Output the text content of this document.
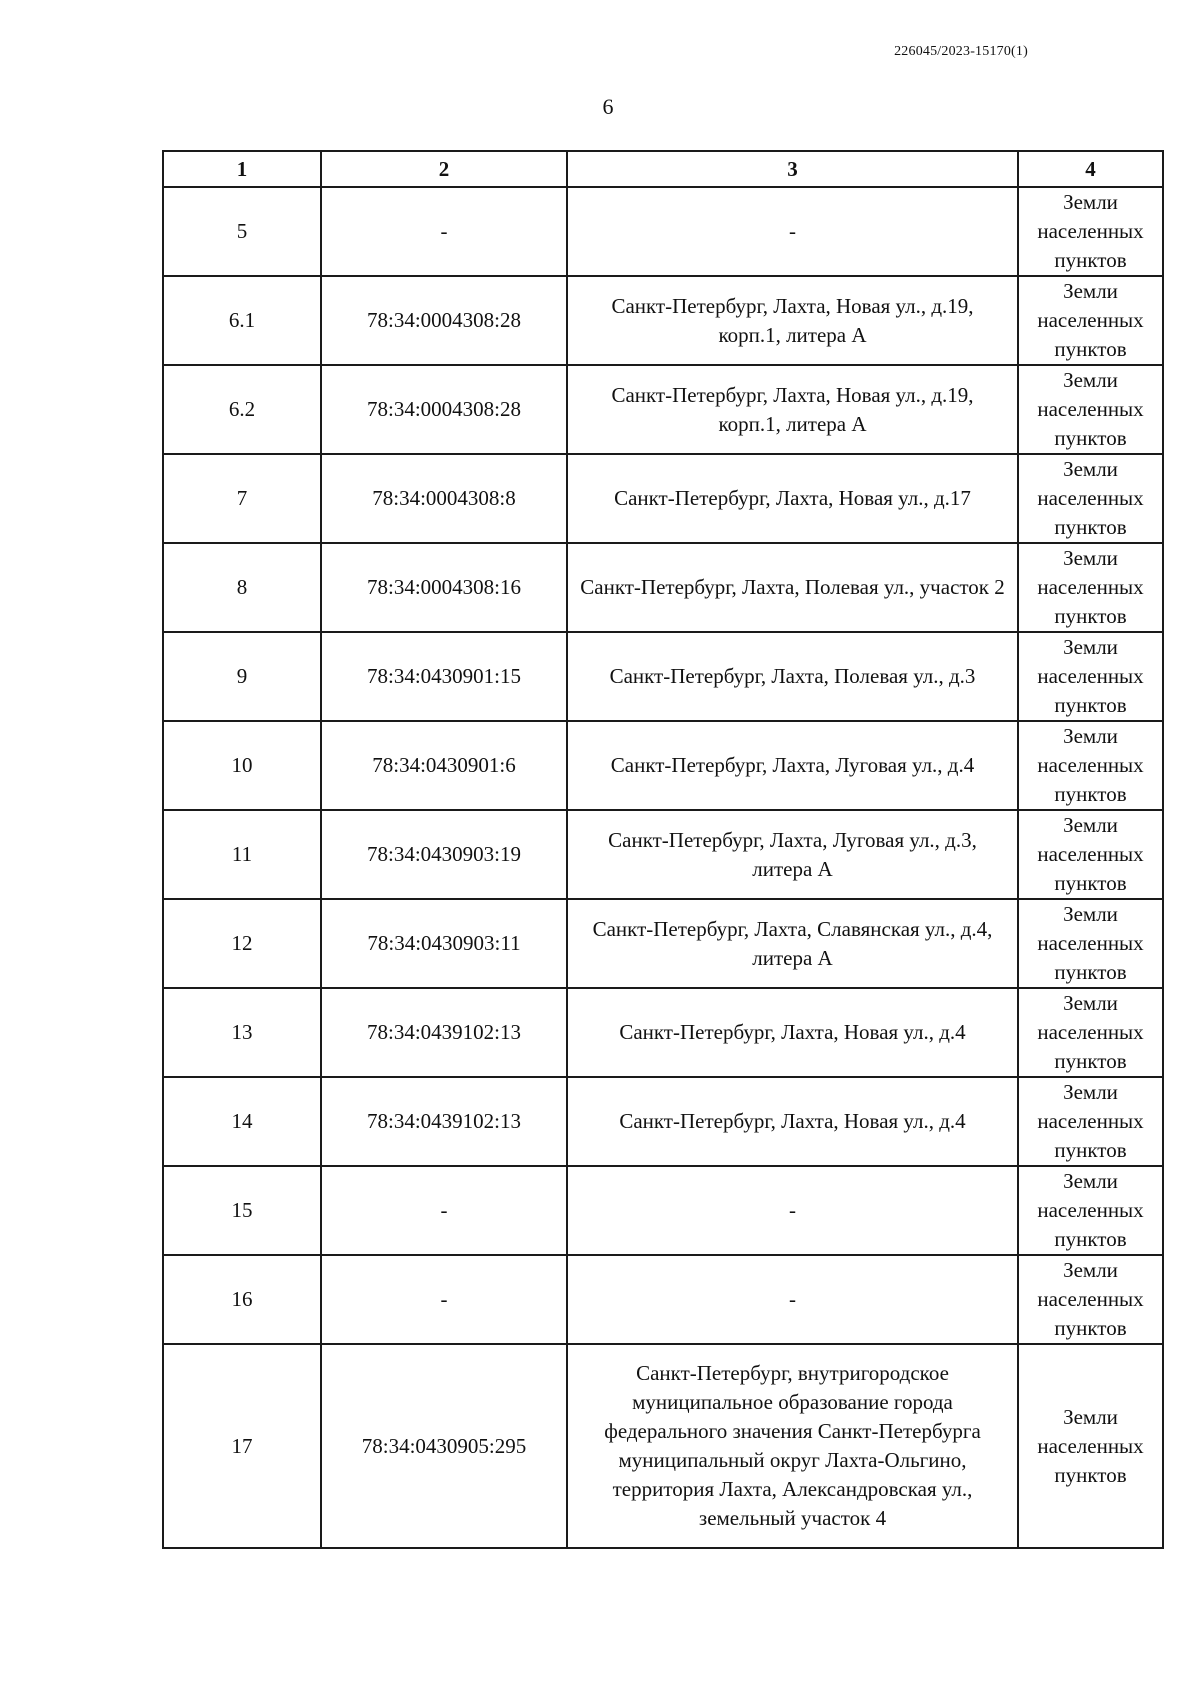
226045/2023-15170(1)
6
1	2	3	4
5	-	-	Земли населенных пунктов
6.1	78:34:0004308:28	Санкт-Петербург, Лахта, Новая ул., д.19, корп.1, литера А	Земли населенных пунктов
6.2	78:34:0004308:28	Санкт-Петербург, Лахта, Новая ул., д.19, корп.1, литера А	Земли населенных пунктов
7	78:34:0004308:8	Санкт-Петербург, Лахта, Новая ул., д.17	Земли населенных пунктов
8	78:34:0004308:16	Санкт-Петербург, Лахта, Полевая ул., участок 2	Земли населенных пунктов
9	78:34:0430901:15	Санкт-Петербург, Лахта, Полевая ул., д.3	Земли населенных пунктов
10	78:34:0430901:6	Санкт-Петербург, Лахта, Луговая ул., д.4	Земли населенных пунктов
11	78:34:0430903:19	Санкт-Петербург, Лахта, Луговая ул., д.3, литера А	Земли населенных пунктов
12	78:34:0430903:11	Санкт-Петербург, Лахта, Славянская ул., д.4, литера А	Земли населенных пунктов
13	78:34:0439102:13	Санкт-Петербург, Лахта, Новая ул., д.4	Земли населенных пунктов
14	78:34:0439102:13	Санкт-Петербург, Лахта, Новая ул., д.4	Земли населенных пунктов
15	-	-	Земли населенных пунктов
16	-	-	Земли населенных пунктов
17	78:34:0430905:295	Санкт-Петербург, внутригородское муниципальное образование города федерального значения Санкт-Петербурга муниципальный округ Лахта-Ольгино, территория Лахта, Александровская ул., земельный участок 4	Земли населенных пунктов
